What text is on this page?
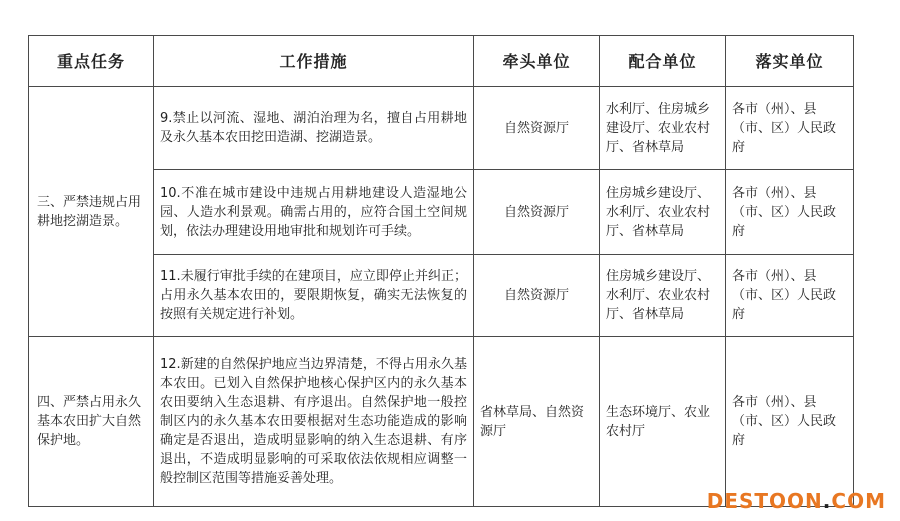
重点任务	工作措施	牵头单位	配合单位	落实单位
三、严禁违规占用耕地挖湖造景。	9.禁止以河流、湿地、湖泊治理为名，擅自占用耕地及永久基本农田挖田造湖、挖湖造景。	自然资源厅	水利厅、住房城乡建设厅、农业农村厅、省林草局	各市（州）、县（市、区）人民政府
	10.不准在城市建设中违规占用耕地建设人造湿地公园、人造水利景观。确需占用的，应符合国土空间规划，依法办理建设用地审批和规划许可手续。	自然资源厅	住房城乡建设厅、水利厅、农业农村厅、省林草局	各市（州）、县（市、区）人民政府
	11.未履行审批手续的在建项目，应立即停止并纠正；占用永久基本农田的，要限期恢复，确实无法恢复的按照有关规定进行补划。	自然资源厅	住房城乡建设厅、水利厅、农业农村厅、省林草局	各市（州）、县（市、区）人民政府
四、严禁占用永久基本农田扩大自然保护地。	12.新建的自然保护地应当边界清楚，不得占用永久基本农田。已划入自然保护地核心保护区内的永久基本农田要纳入生态退耕、有序退出。自然保护地一般控制区内的永久基本农田要根据对生态功能造成的影响确定是否退出，造成明显影响的纳入生态退耕、有序退出，不造成明显影响的可采取依法依规相应调整一般控制区范围等措施妥善处理。	省林草局、自然资源厅	生态环境厅、农业农村厅	各市（州）、县（市、区）人民政府
DESTOON.COM
